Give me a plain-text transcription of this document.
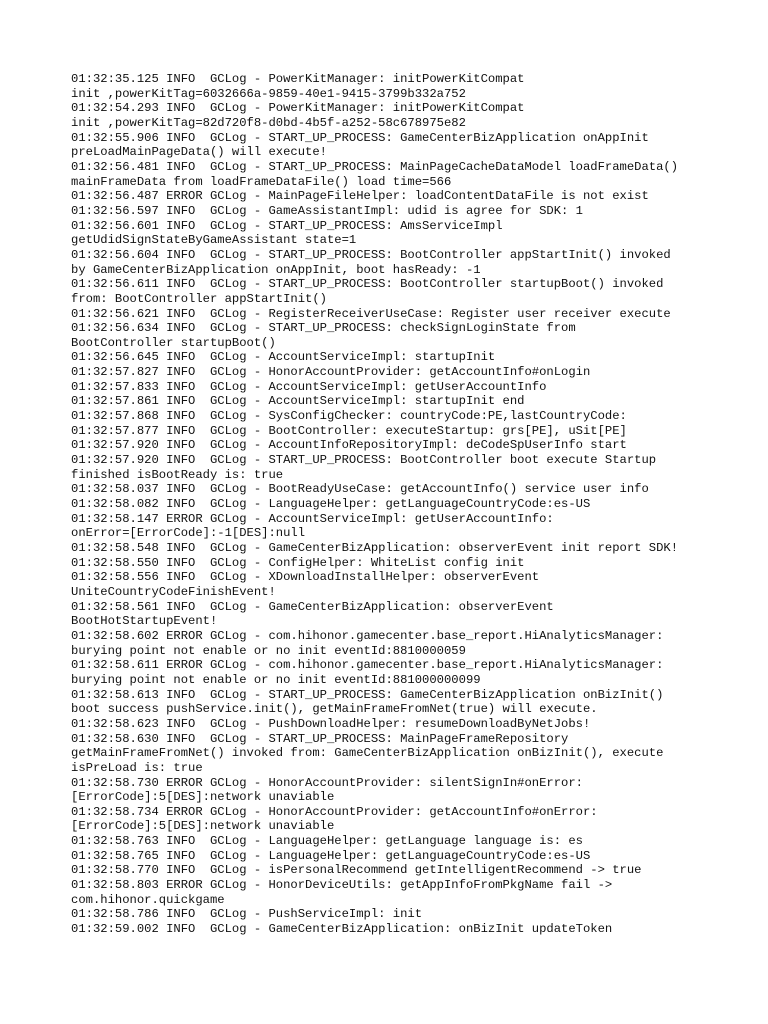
01:32:35.125 INFO  GCLog - PowerKitManager: initPowerKitCompat
init ,powerKitTag=6032666a-9859-40e1-9415-3799b332a752
01:32:54.293 INFO  GCLog - PowerKitManager: initPowerKitCompat
init ,powerKitTag=82d720f8-d0bd-4b5f-a252-58c678975e82
01:32:55.906 INFO  GCLog - START_UP_PROCESS: GameCenterBizApplication onAppInit
preLoadMainPageData() will execute!
01:32:56.481 INFO  GCLog - START_UP_PROCESS: MainPageCacheDataModel loadFrameData()
mainFrameData from loadFrameDataFile() load time=566
01:32:56.487 ERROR GCLog - MainPageFileHelper: loadContentDataFile is not exist
01:32:56.597 INFO  GCLog - GameAssistantImpl: udid is agree for SDK: 1
01:32:56.601 INFO  GCLog - START_UP_PROCESS: AmsServiceImpl
getUdidSignStateByGameAssistant state=1
01:32:56.604 INFO  GCLog - START_UP_PROCESS: BootController appStartInit() invoked
by GameCenterBizApplication onAppInit, boot hasReady: -1
01:32:56.611 INFO  GCLog - START_UP_PROCESS: BootController startupBoot() invoked
from: BootController appStartInit()
01:32:56.621 INFO  GCLog - RegisterReceiverUseCase: Register user receiver execute
01:32:56.634 INFO  GCLog - START_UP_PROCESS: checkSignLoginState from
BootController startupBoot()
01:32:56.645 INFO  GCLog - AccountServiceImpl: startupInit
01:32:57.827 INFO  GCLog - HonorAccountProvider: getAccountInfo#onLogin
01:32:57.833 INFO  GCLog - AccountServiceImpl: getUserAccountInfo
01:32:57.861 INFO  GCLog - AccountServiceImpl: startupInit end
01:32:57.868 INFO  GCLog - SysConfigChecker: countryCode:PE,lastCountryCode:
01:32:57.877 INFO  GCLog - BootController: executeStartup: grs[PE], uSit[PE]
01:32:57.920 INFO  GCLog - AccountInfoRepositoryImpl: deCodeSpUserInfo start
01:32:57.920 INFO  GCLog - START_UP_PROCESS: BootController boot execute Startup
finished isBootReady is: true
01:32:58.037 INFO  GCLog - BootReadyUseCase: getAccountInfo() service user info
01:32:58.082 INFO  GCLog - LanguageHelper: getLanguageCountryCode:es-US
01:32:58.147 ERROR GCLog - AccountServiceImpl: getUserAccountInfo:
onError=[ErrorCode]:-1[DES]:null
01:32:58.548 INFO  GCLog - GameCenterBizApplication: observerEvent init report SDK!
01:32:58.550 INFO  GCLog - ConfigHelper: WhiteList config init
01:32:58.556 INFO  GCLog - XDownloadInstallHelper: observerEvent
UniteCountryCodeFinishEvent!
01:32:58.561 INFO  GCLog - GameCenterBizApplication: observerEvent
BootHotStartupEvent!
01:32:58.602 ERROR GCLog - com.hihonor.gamecenter.base_report.HiAnalyticsManager:
burying point not enable or no init eventId:8810000059
01:32:58.611 ERROR GCLog - com.hihonor.gamecenter.base_report.HiAnalyticsManager:
burying point not enable or no init eventId:881000000099
01:32:58.613 INFO  GCLog - START_UP_PROCESS: GameCenterBizApplication onBizInit()
boot success pushService.init(), getMainFrameFromNet(true) will execute.
01:32:58.623 INFO  GCLog - PushDownloadHelper: resumeDownloadByNetJobs!
01:32:58.630 INFO  GCLog - START_UP_PROCESS: MainPageFrameRepository
getMainFrameFromNet() invoked from: GameCenterBizApplication onBizInit(), execute
isPreLoad is: true
01:32:58.730 ERROR GCLog - HonorAccountProvider: silentSignIn#onError:
[ErrorCode]:5[DES]:network unaviable
01:32:58.734 ERROR GCLog - HonorAccountProvider: getAccountInfo#onError:
[ErrorCode]:5[DES]:network unaviable
01:32:58.763 INFO  GCLog - LanguageHelper: getLanguage language is: es
01:32:58.765 INFO  GCLog - LanguageHelper: getLanguageCountryCode:es-US
01:32:58.770 INFO  GCLog - isPersonalRecommend getIntelligentRecommend -> true
01:32:58.803 ERROR GCLog - HonorDeviceUtils: getAppInfoFromPkgName fail ->
com.hihonor.quickgame
01:32:58.786 INFO  GCLog - PushServiceImpl: init
01:32:59.002 INFO  GCLog - GameCenterBizApplication: onBizInit updateToken
